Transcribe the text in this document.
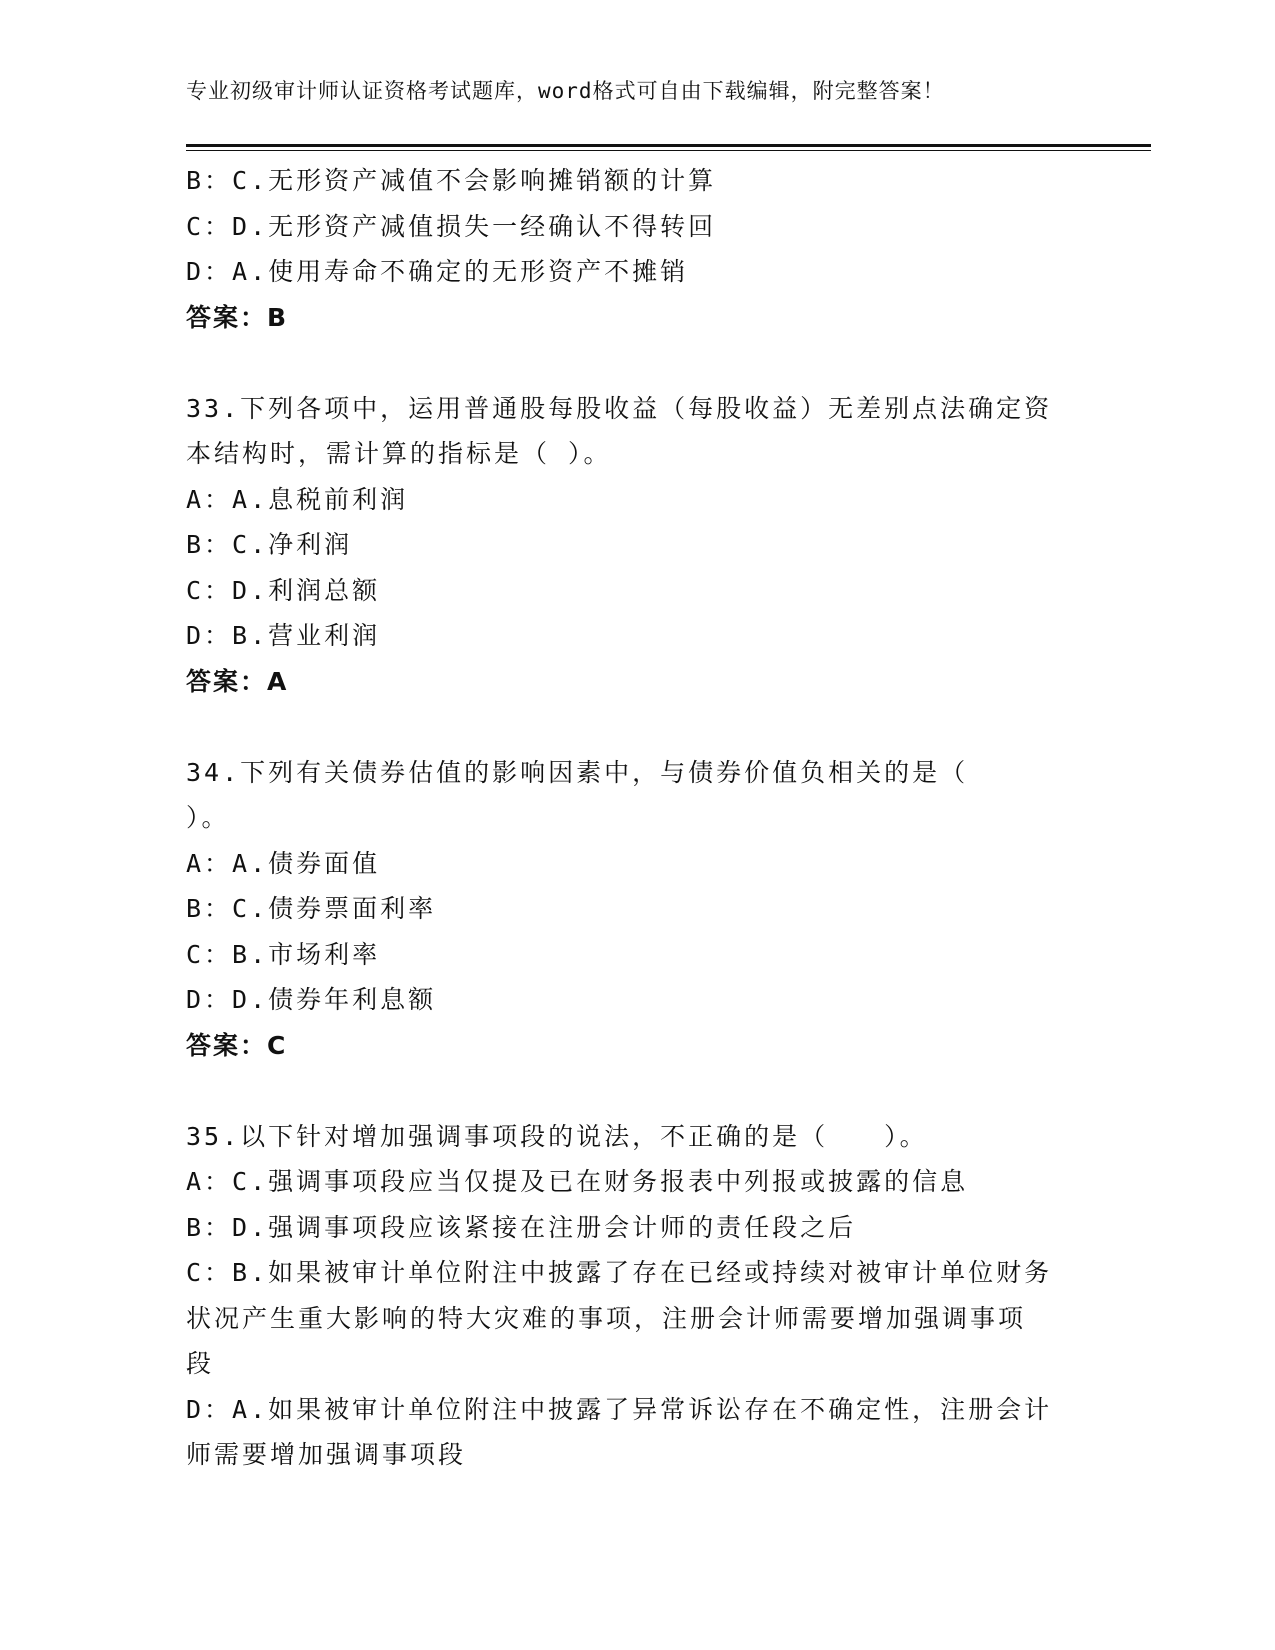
专业初级审计师认证资格考试题库，word格式可自由下载编辑，附完整答案！
B：C.无形资产减值不会影响摊销额的计算
C：D.无形资产减值损失一经确认不得转回
D：A.使用寿命不确定的无形资产不摊销
答案：B
33.下列各项中，运用普通股每股收益（每股收益）无差别点法确定资
本结构时，需计算的指标是（ ）。
A：A.息税前利润
B：C.净利润
C：D.利润总额
D：B.营业利润
答案：A
34.下列有关债券估值的影响因素中，与债券价值负相关的是（
）。
A：A.债券面值
B：C.债券票面利率
C：B.市场利率
D：D.债券年利息额
答案：C
35.以下针对增加强调事项段的说法，不正确的是（　　）。
A：C.强调事项段应当仅提及已在财务报表中列报或披露的信息
B：D.强调事项段应该紧接在注册会计师的责任段之后
C：B.如果被审计单位附注中披露了存在已经或持续对被审计单位财务
状况产生重大影响的特大灾难的事项，注册会计师需要增加强调事项
段
D：A.如果被审计单位附注中披露了异常诉讼存在不确定性，注册会计
师需要增加强调事项段
